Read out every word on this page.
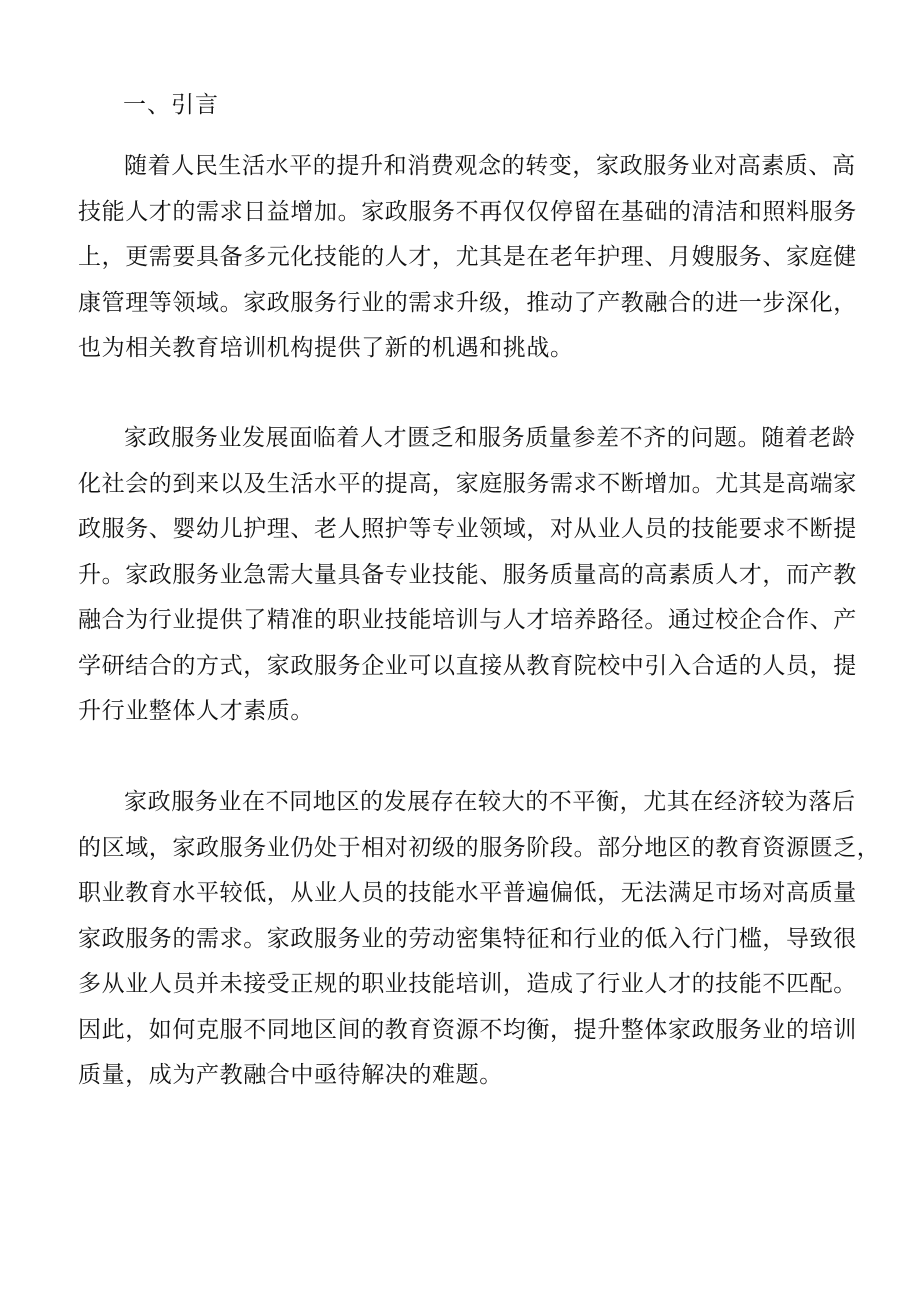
一、引言
随着人民生活水平的提升和消费观念的转变，家政服务业对高素质、高
技能人才的需求日益增加。家政服务不再仅仅停留在基础的清洁和照料服务
上，更需要具备多元化技能的人才，尤其是在老年护理、月嫂服务、家庭健
康管理等领域。家政服务行业的需求升级，推动了产教融合的进一步深化，
也为相关教育培训机构提供了新的机遇和挑战。
家政服务业发展面临着人才匮乏和服务质量参差不齐的问题。随着老龄
化社会的到来以及生活水平的提高，家庭服务需求不断增加。尤其是高端家
政服务、婴幼儿护理、老人照护等专业领域，对从业人员的技能要求不断提
升。家政服务业急需大量具备专业技能、服务质量高的高素质人才，而产教
融合为行业提供了精准的职业技能培训与人才培养路径。通过校企合作、产
学研结合的方式，家政服务企业可以直接从教育院校中引入合适的人员，提
升行业整体人才素质。
家政服务业在不同地区的发展存在较大的不平衡，尤其在经济较为落后
的区域，家政服务业仍处于相对初级的服务阶段。部分地区的教育资源匮乏，
职业教育水平较低，从业人员的技能水平普遍偏低，无法满足市场对高质量
家政服务的需求。家政服务业的劳动密集特征和行业的低入行门槛，导致很
多从业人员并未接受正规的职业技能培训，造成了行业人才的技能不匹配。
因此，如何克服不同地区间的教育资源不均衡，提升整体家政服务业的培训
质量，成为产教融合中亟待解决的难题。
